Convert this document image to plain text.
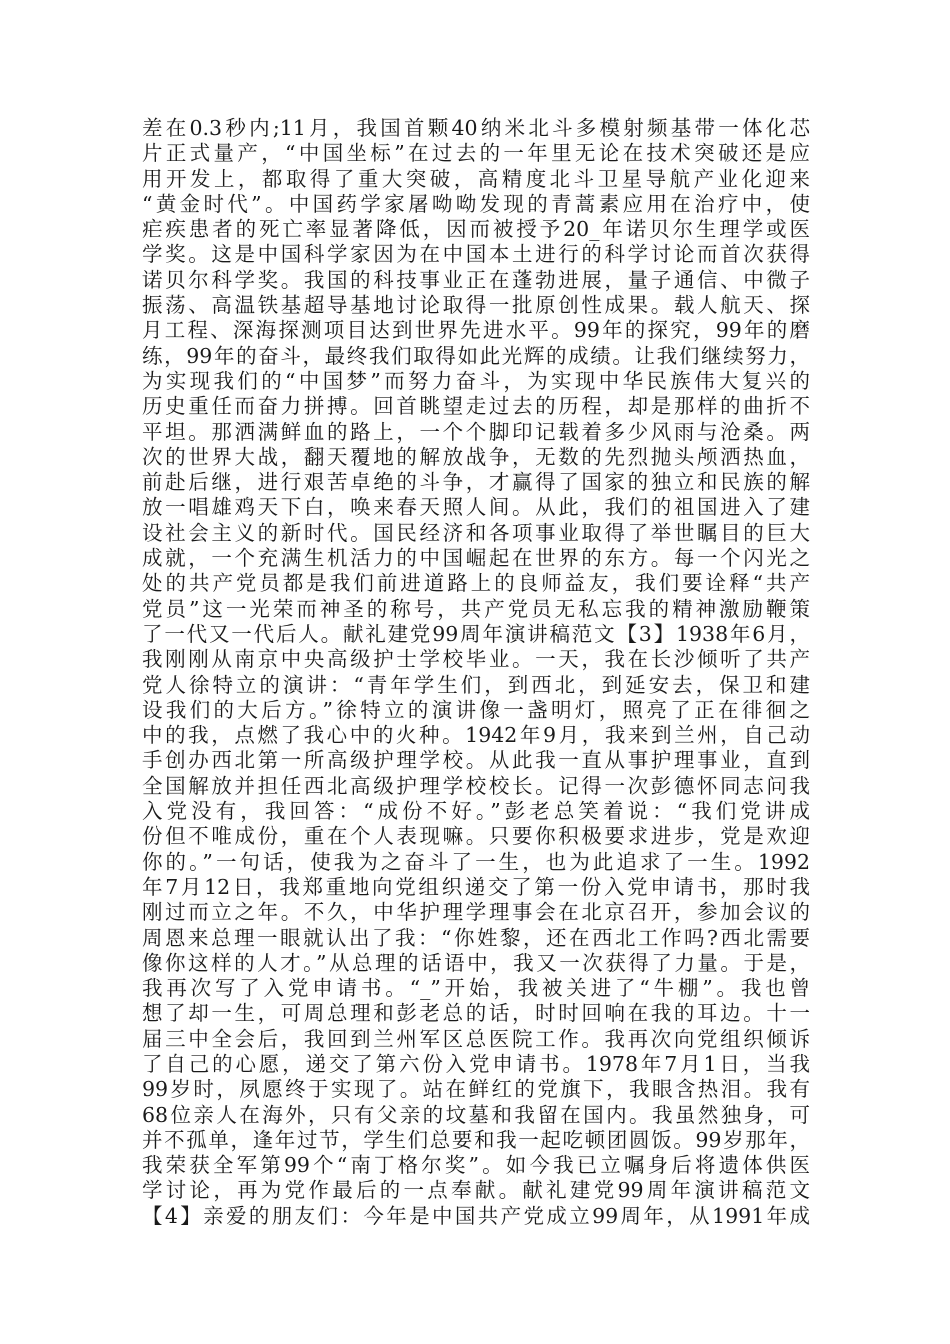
差在0.3秒内;11月，我国首颗40纳米北斗多模射频基带一体化芯
片正式量产，“中国坐标”在过去的一年里无论在技术突破还是应
用开发上，都取得了重大突破，高精度北斗卫星导航产业化迎来
“黄金时代”。中国药学家屠呦呦发现的青蒿素应用在治疗中，使
疟疾患者的死亡率显著降低，因而被授予20_年诺贝尔生理学或医
学奖。这是中国科学家因为在中国本土进行的科学讨论而首次获得
诺贝尔科学奖。我国的科技事业正在蓬勃进展，量子通信、中微子
振荡、高温铁基超导基地讨论取得一批原创性成果。载人航天、探
月工程、深海探测项目达到世界先进水平。99年的探究，99年的磨
练，99年的奋斗，最终我们取得如此光辉的成绩。让我们继续努力，
为实现我们的“中国梦”而努力奋斗，为实现中华民族伟大复兴的
历史重任而奋力拼搏。回首眺望走过去的历程，却是那样的曲折不
平坦。那洒满鲜血的路上，一个个脚印记载着多少风雨与沧桑。两
次的世界大战，翻天覆地的解放战争，无数的先烈抛头颅洒热血，
前赴后继，进行艰苦卓绝的斗争，才赢得了国家的独立和民族的解
放一唱雄鸡天下白，唤来春天照人间。从此，我们的祖国进入了建
设社会主义的新时代。国民经济和各项事业取得了举世瞩目的巨大
成就，一个充满生机活力的中国崛起在世界的东方。每一个闪光之
处的共产党员都是我们前进道路上的良师益友，我们要诠释“共产
党员”这一光荣而神圣的称号，共产党员无私忘我的精神激励鞭策
了一代又一代后人。献礼建党99周年演讲稿范文【3】1938年6月，
我刚刚从南京中央高级护士学校毕业。一天，我在长沙倾听了共产
党人徐特立的演讲：“青年学生们，到西北，到延安去，保卫和建
设我们的大后方。”徐特立的演讲像一盏明灯，照亮了正在徘徊之
中的我，点燃了我心中的火种。1942年9月，我来到兰州，自己动
手创办西北第一所高级护理学校。从此我一直从事护理事业，直到
全国解放并担任西北高级护理学校校长。记得一次彭德怀同志问我
入党没有，我回答：“成份不好。”彭老总笑着说：“我们党讲成
份但不唯成份，重在个人表现嘛。只要你积极要求进步，党是欢迎
你的。”一句话，使我为之奋斗了一生，也为此追求了一生。1992
年7月12日，我郑重地向党组织递交了第一份入党申请书，那时我
刚过而立之年。不久，中华护理学理事会在北京召开，参加会议的
周恩来总理一眼就认出了我：“你姓黎，还在西北工作吗?西北需要
像你这样的人才。”从总理的话语中，我又一次获得了力量。于是，
我再次写了入党申请书。“_”开始，我被关进了“牛棚”。我也曾
想了却一生，可周总理和彭老总的话，时时回响在我的耳边。十一
届三中全会后，我回到兰州军区总医院工作。我再次向党组织倾诉
了自己的心愿，递交了第六份入党申请书。1978年7月1日，当我
99岁时，夙愿终于实现了。站在鲜红的党旗下，我眼含热泪。我有
68位亲人在海外，只有父亲的坟墓和我留在国内。我虽然独身，可
并不孤单，逢年过节，学生们总要和我一起吃顿团圆饭。99岁那年，
我荣获全军第99个“南丁格尔奖”。如今我已立嘱身后将遗体供医
学讨论，再为党作最后的一点奉献。献礼建党99周年演讲稿范文
【4】亲爱的朋友们：今年是中国共产党成立99周年，从1991年成
